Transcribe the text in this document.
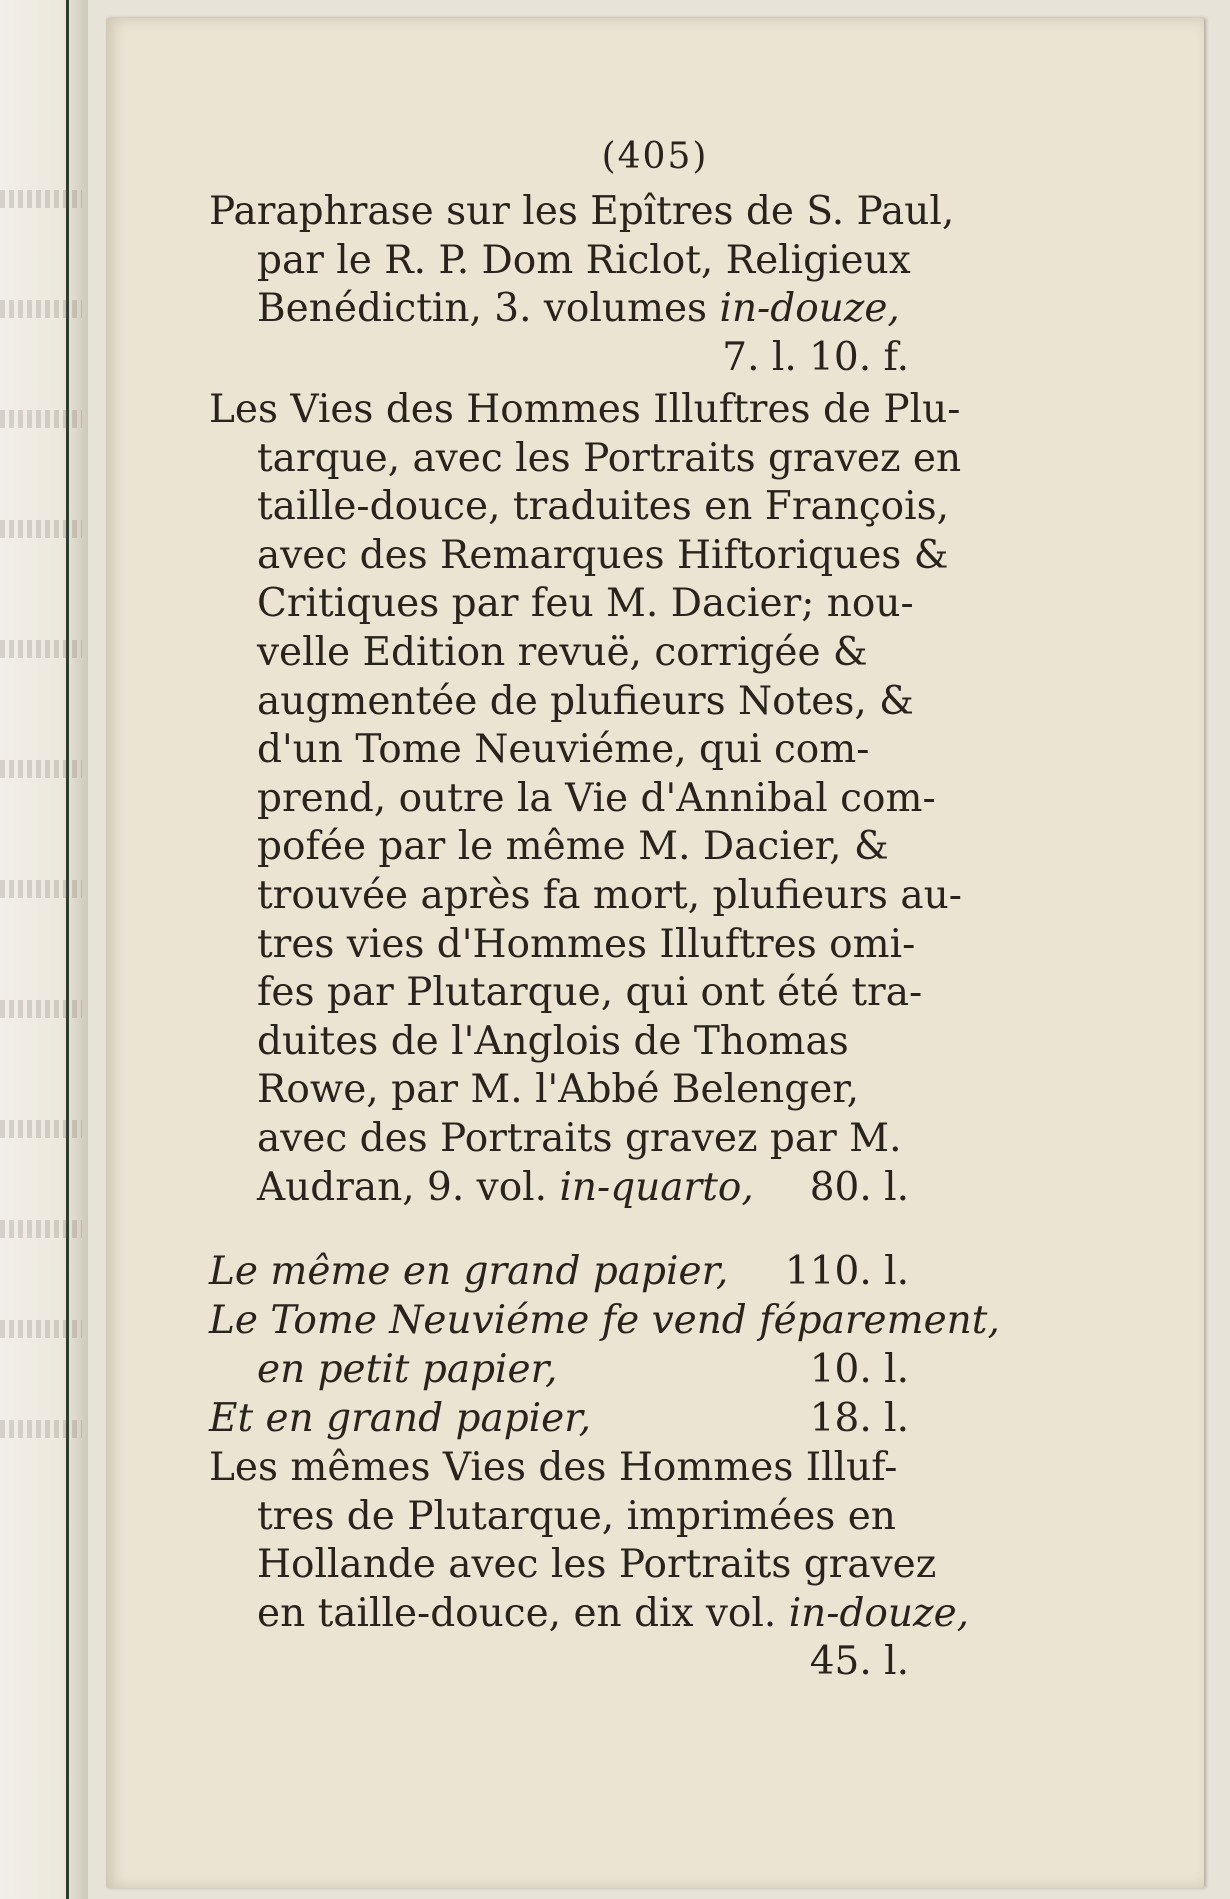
(405)
Paraphrase sur les Epîtres de S. Paul,
par le R. P. Dom Riclot, Religieux
Benédictin, 3. volumes in-douze,
7. l. 10. f.
Les Vies des Hommes Illuftres de Plu-
tarque, avec les Portraits gravez en
taille-douce, traduites en François,
avec des Remarques Hiftoriques &
Critiques par feu M. Dacier; nou-
velle Edition revuë, corrigée &
augmentée de plufieurs Notes, &
d'un Tome Neuviéme, qui com-
prend, outre la Vie d'Annibal com-
pofée par le même M. Dacier, &
trouvée après fa mort, plufieurs au-
tres vies d'Hommes Illuftres omi-
fes par Plutarque, qui ont été tra-
duites de l'Anglois de Thomas
Rowe, par M. l'Abbé Belenger,
avec des Portraits gravez par M.
Audran, 9. vol. in-quarto, 80. l.
Le même en grand papier, 110. l.
Le Tome Neuviéme fe vend féparement,
en petit papier,	10. l.
Et en grand papier,	18. l.
Les mêmes Vies des Hommes Illuf-
tres de Plutarque, imprimées en
Hollande avec les Portraits gravez
en taille-douce, en dix vol. in-douze,
45. l.
